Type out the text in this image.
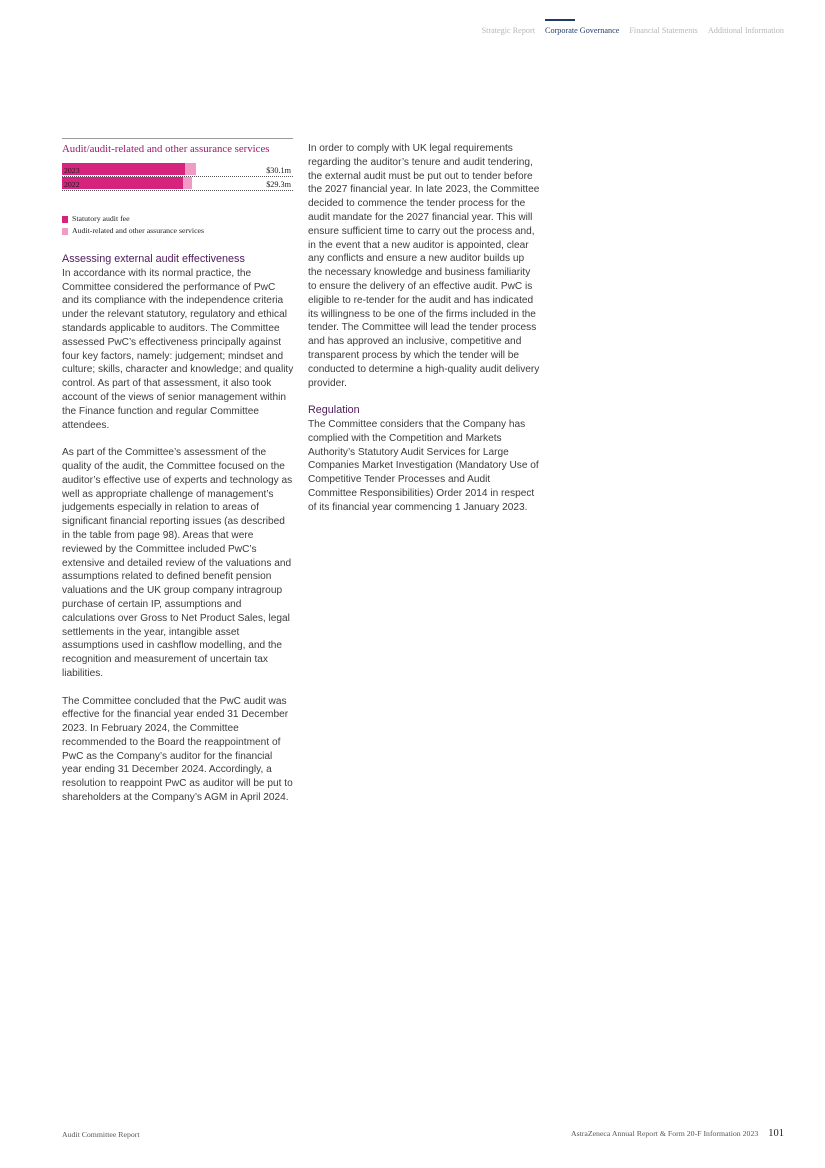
Strategic Report Corporate Governance Financial Statements Additional Information
Audit/audit-related and other assurance services
2023	$30.1m
2022	$29.3m
Statutory audit fee
Audit-related and other assurance services
Assessing external audit effectiveness

In accordance with its normal practice, the Committee considered the performance of PwC and its compliance with the independence criteria under the relevant statutory, regulatory and ethical standards applicable to auditors. The Committee assessed PwC’s effectiveness principally against four key factors, namely: judgement; mindset and culture; skills, character and knowledge; and quality control. As part of that assessment, it also took account of the views of senior management within the Finance function and regular Committee attendees.

As part of the Committee’s assessment of the quality of the audit, the Committee focused on the auditor’s effective use of experts and technology as well as appropriate challenge of management’s judgements especially in relation to areas of significant financial reporting issues (as described in the table from page 98). Areas that were reviewed by the Committee included PwC’s extensive and detailed review of the valuations and assumptions related to defined benefit pension valuations and the UK group company intragroup purchase of certain IP, assumptions and calculations over Gross to Net Product Sales, legal settlements in the year, intangible asset assumptions used in cashflow modelling, and the recognition and measurement of uncertain tax liabilities.

The Committee concluded that the PwC audit was effective for the financial year ended 31 December 2023. In February 2024, the Committee recommended to the Board the reappointment of PwC as the Company’s auditor for the financial year ending 31 December 2024. Accordingly, a resolution to reappoint PwC as auditor will be put to shareholders at the Company’s AGM in April 2024.

In order to comply with UK legal requirements regarding the auditor’s tenure and audit tendering, the external audit must be put out to tender before the 2027 financial year. In late 2023, the Committee decided to commence the tender process for the audit mandate for the 2027 financial year. This will ensure sufficient time to carry out the process and, in the event that a new auditor is appointed, clear any conflicts and ensure a new auditor builds up the necessary knowledge and business familiarity to ensure the delivery of an effective audit. PwC is eligible to re-tender for the audit and has indicated its willingness to be one of the firms included in the tender. The Committee will lead the tender process and has approved an inclusive, competitive and transparent process by which the tender will be conducted to determine a high-quality audit delivery provider.

Regulation

The Committee considers that the Company has complied with the Competition and Markets Authority’s Statutory Audit Services for Large Companies Market Investigation (Mandatory Use of Competitive Tender Processes and Audit Committee Responsibilities) Order 2014 in respect of its financial year commencing 1 January 2023.

Audit Committee Report	AstraZeneca Annual Report & Form 20-F Information 2023 101
